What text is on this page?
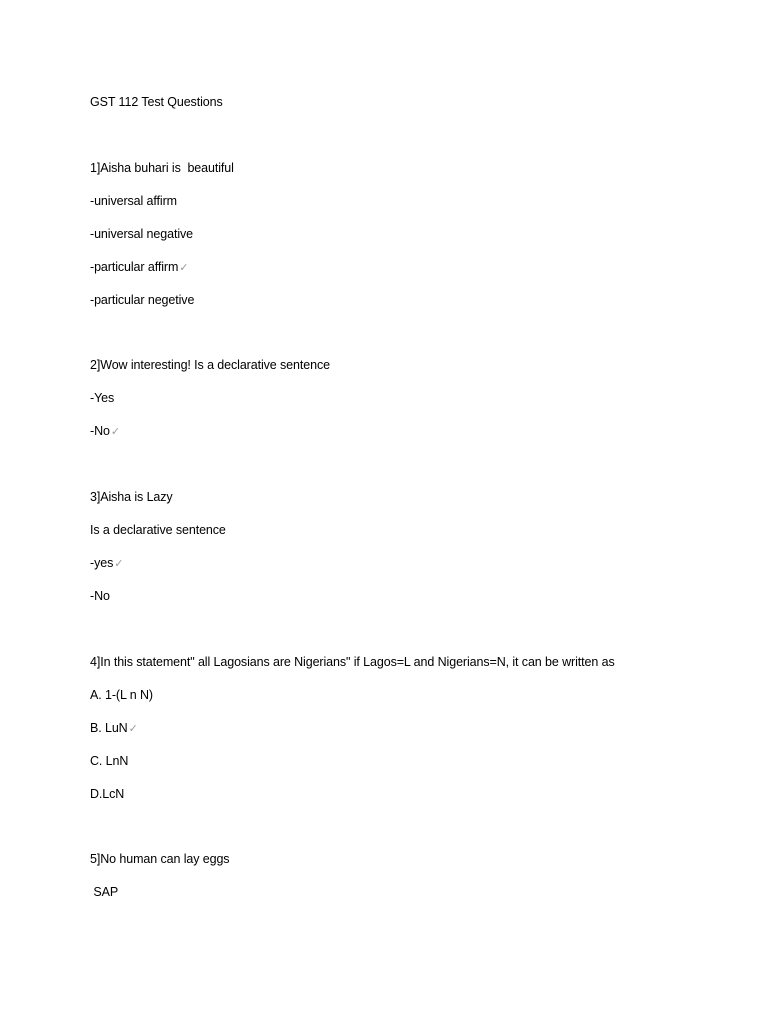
GST 112 Test Questions
1]Aisha buhari is  beautiful
-universal affirm
-universal negative
-particular affirm✓
-particular negetive
2]Wow interesting! Is a declarative sentence
-Yes
-No✓
3]Aisha is Lazy
Is a declarative sentence
-yes✓
-No
4]In this statement" all Lagosians are Nigerians" if Lagos=L and Nigerians=N, it can be written as
A. 1-(L n N)
B. LuN✓
C. LnN
D.LcN
5]No human can lay eggs
SAP
